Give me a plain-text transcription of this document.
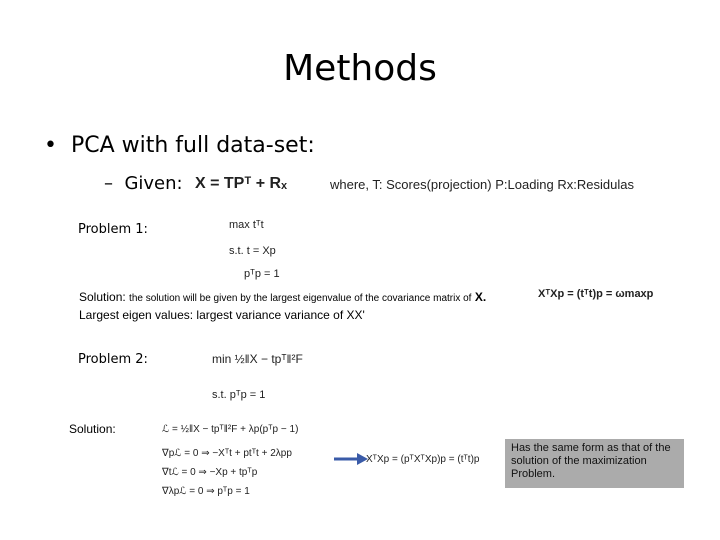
Methods
•  PCA with full data-set:
– Given: X = TPᵀ + Rₓ	where, T: Scores(projection) P:Loading Rx:Residulas
Problem 1:	max tᵀt
s.t. t = Xp
pᵀp = 1
Solution: the solution will be given by the largest eigenvalue of the covariance matrix of X.	XᵀXp = (tᵀt)p = ωmaxp
Largest eigen values: largest variance variance of XX'
Problem 2:	min ½‖X − tpᵀ‖²F
s.t. pᵀp = 1
Solution:	ℒ = ½‖X − tpᵀ‖²F + λp(pᵀp − 1)
∇pℒ = 0 ⇒ −Xᵀt + ptᵀt + 2λpp
∇tℒ = 0 ⇒ −Xp + tpᵀp
∇λpℒ = 0 ⇒ pᵀp = 1
XᵀXp = (pᵀXᵀXp)p = (tᵀt)p
Has the same form as that of the solution of the maximization Problem.
